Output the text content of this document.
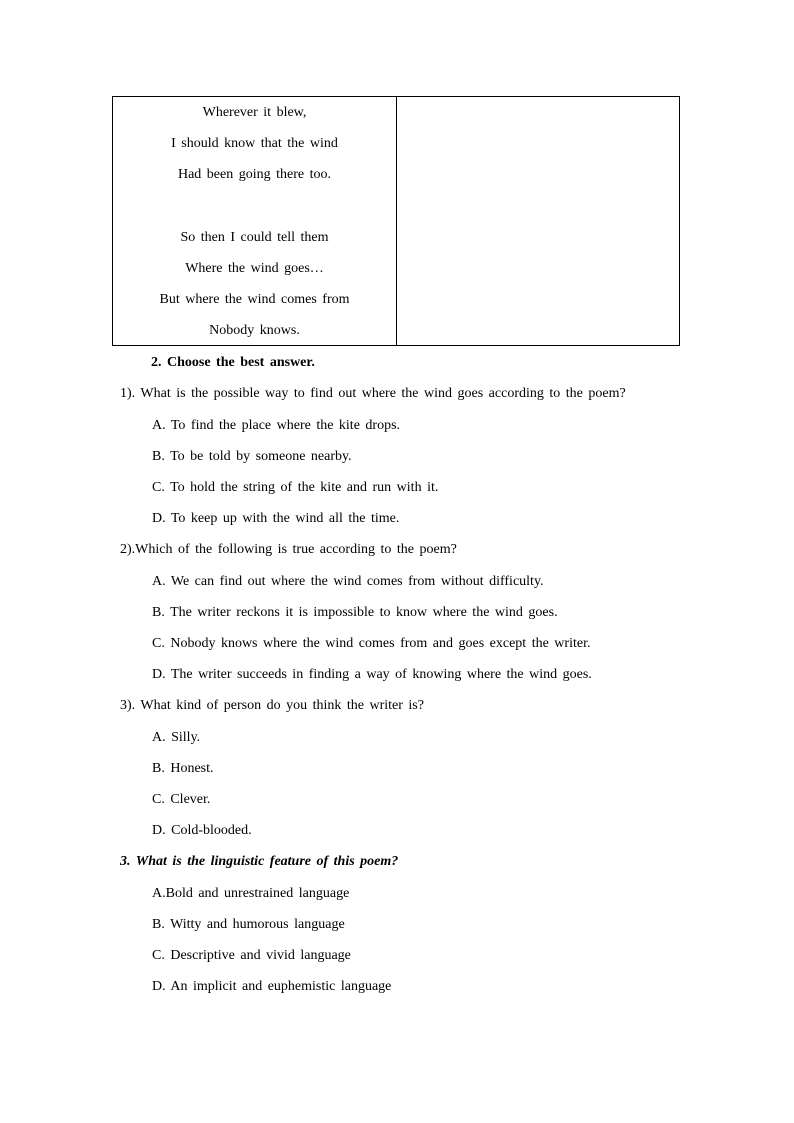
Wherever it blew,
I should know that the wind
Had been going there too.
So then I could tell them
Where the wind goes…
But where the wind comes from
Nobody knows.
2. Choose the best answer.
1). What is the possible way to find out where the wind goes according to the poem?
A. To find the place where the kite drops.
B. To be told by someone nearby.
C. To hold the string of the kite and run with it.
D. To keep up with the wind all the time.
2).Which of the following is true according to the poem?
A. We can find out where the wind comes from without difficulty.
B. The writer reckons it is impossible to know where the wind goes.
C. Nobody knows where the wind comes from and goes except the writer.
D. The writer succeeds in finding a way of knowing where the wind goes.
3). What kind of person do you think the writer is?
A. Silly.
B. Honest.
C. Clever.
D. Cold-blooded.
3. What is the linguistic feature of this poem?
A.Bold and unrestrained language
B. Witty and humorous language
C. Descriptive and vivid language
D. An implicit and euphemistic language
